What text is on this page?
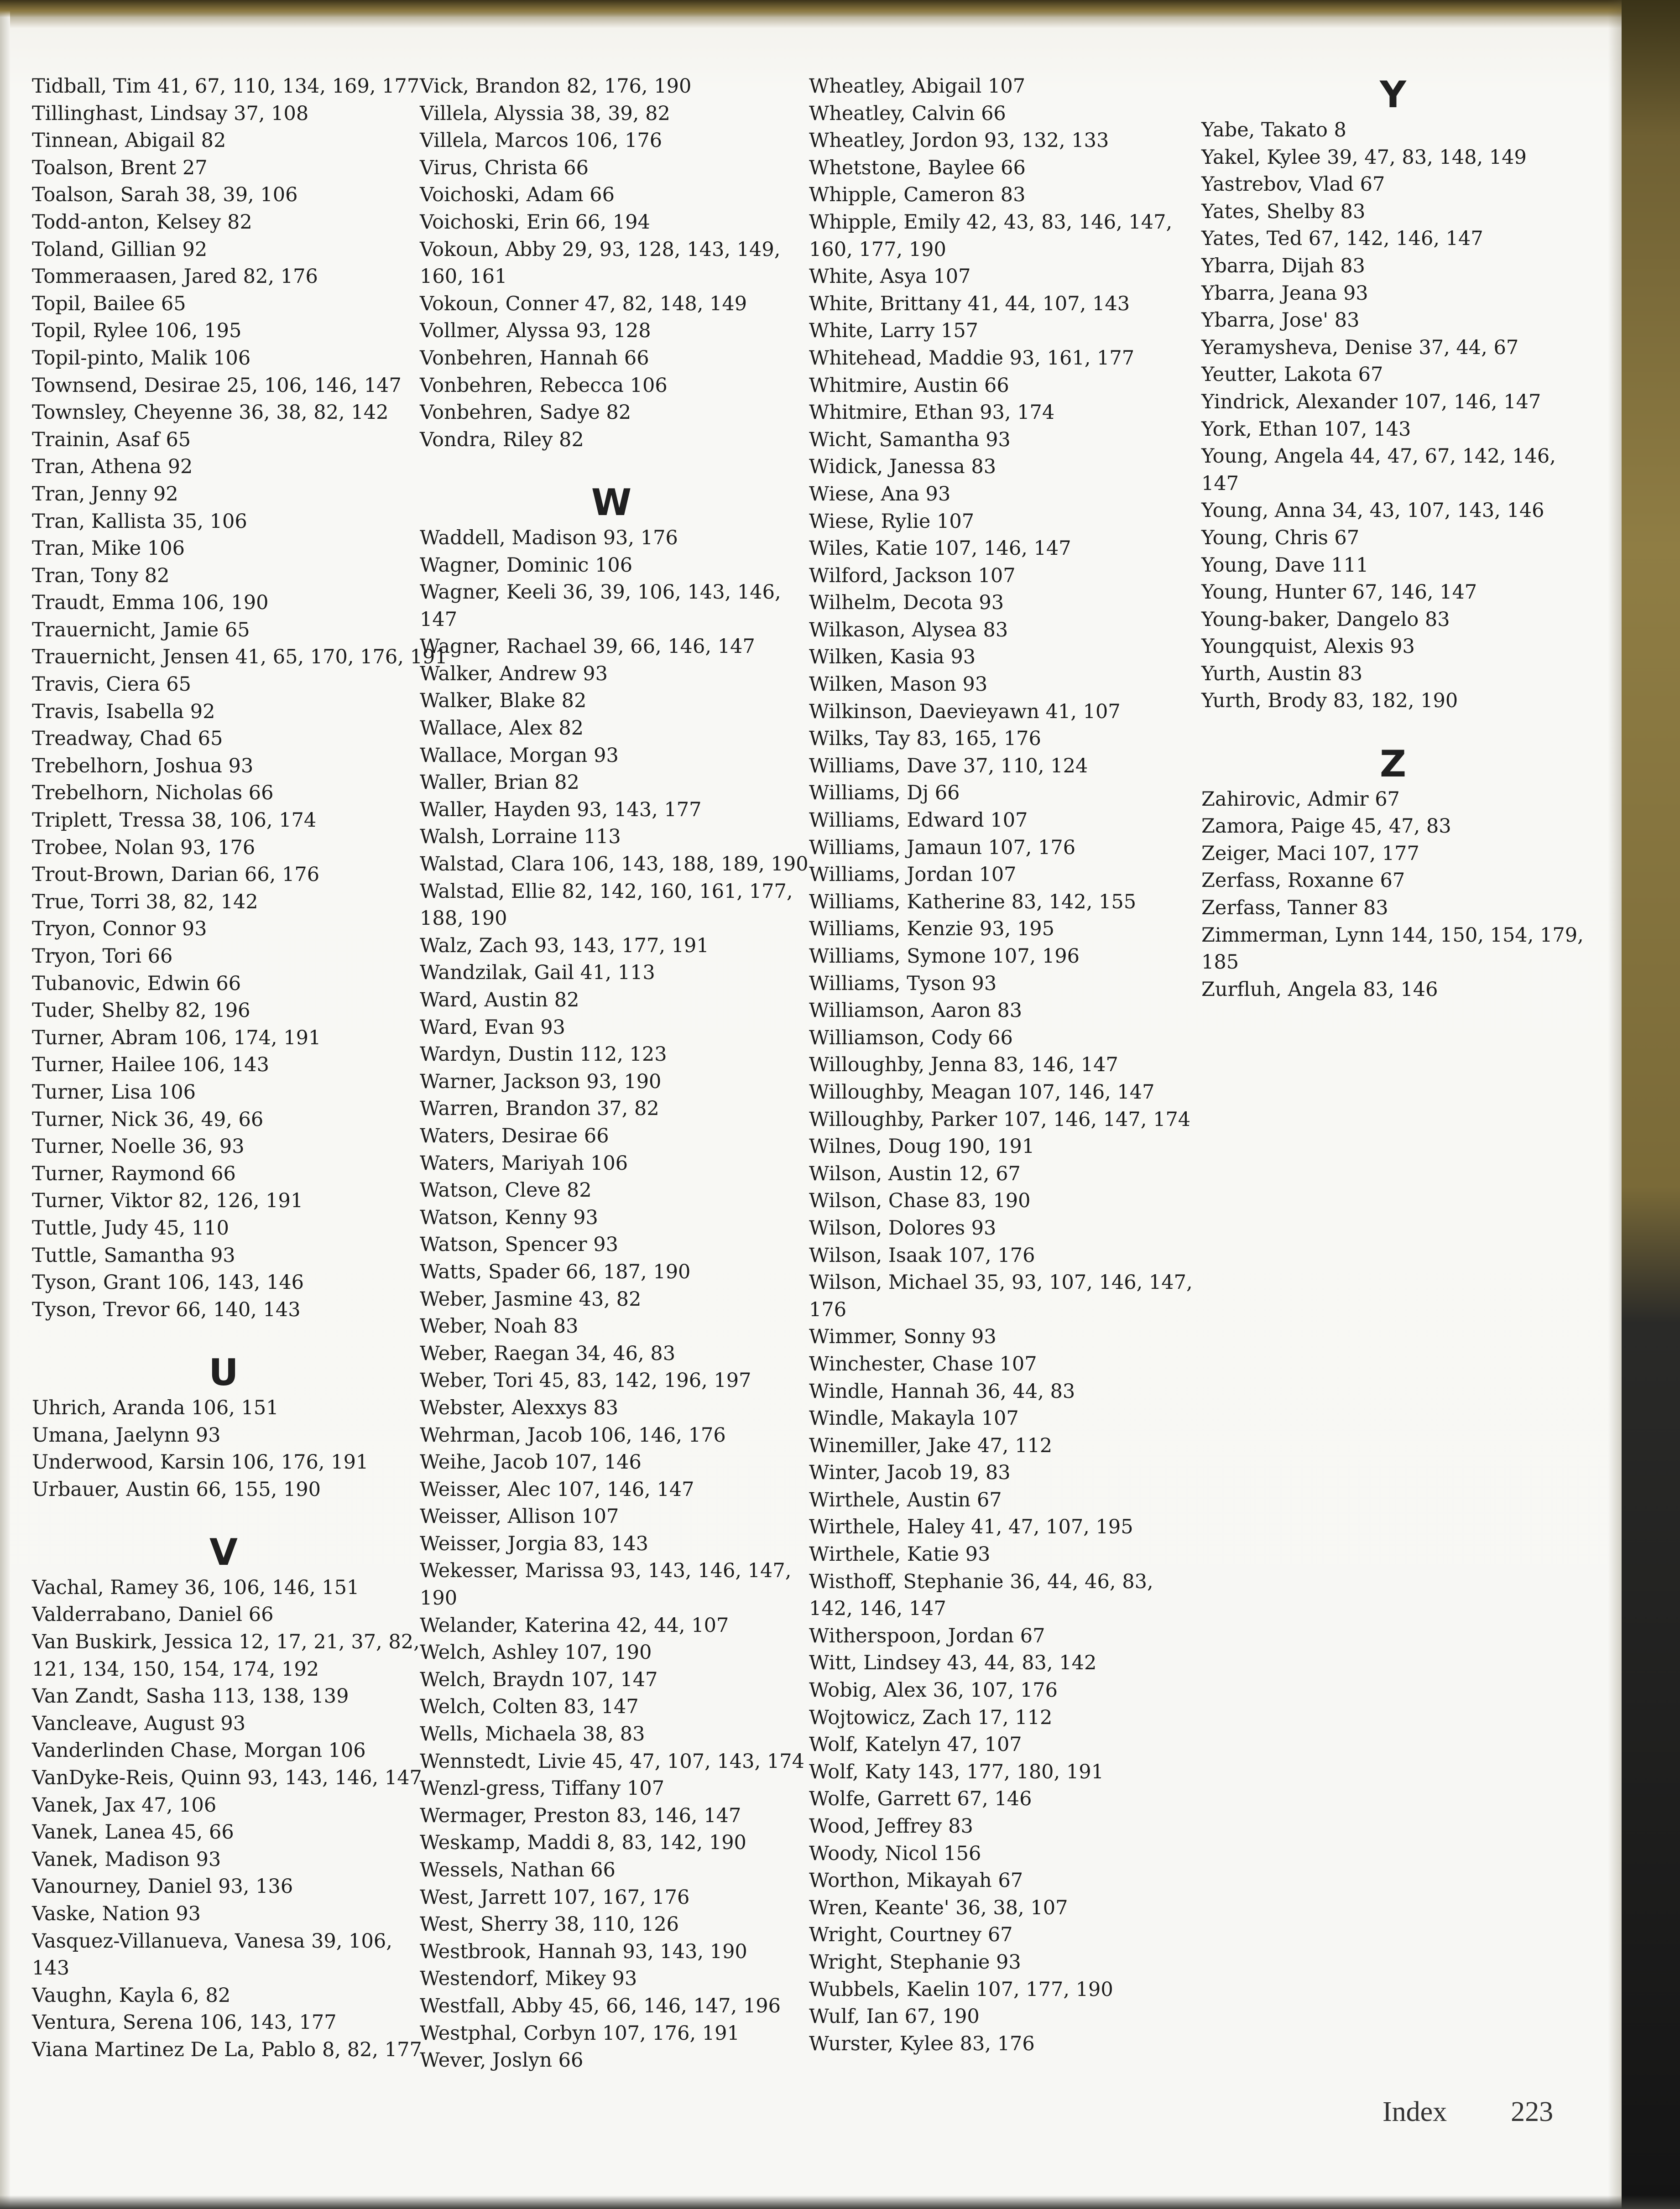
Tidball, Tim 41, 67, 110, 134, 169, 177
Tillinghast, Lindsay 37, 108
Tinnean, Abigail 82
Toalson, Brent 27
Toalson, Sarah 38, 39, 106
Todd-anton, Kelsey 82
Toland, Gillian 92
Tommeraasen, Jared 82, 176
Topil, Bailee 65
Topil, Rylee 106, 195
Topil-pinto, Malik 106
Townsend, Desirae 25, 106, 146, 147
Townsley, Cheyenne 36, 38, 82, 142
Trainin, Asaf 65
Tran, Athena 92
Tran, Jenny 92
Tran, Kallista 35, 106
Tran, Mike 106
Tran, Tony 82
Traudt, Emma 106, 190
Trauernicht, Jamie 65
Trauernicht, Jensen 41, 65, 170, 176, 191
Travis, Ciera 65
Travis, Isabella 92
Treadway, Chad 65
Trebelhorn, Joshua 93
Trebelhorn, Nicholas 66
Triplett, Tressa 38, 106, 174
Trobee, Nolan 93, 176
Trout-Brown, Darian 66, 176
True, Torri 38, 82, 142
Tryon, Connor 93
Tryon, Tori 66
Tubanovic, Edwin 66
Tuder, Shelby 82, 196
Turner, Abram 106, 174, 191
Turner, Hailee 106, 143
Turner, Lisa 106
Turner, Nick 36, 49, 66
Turner, Noelle 36, 93
Turner, Raymond 66
Turner, Viktor 82, 126, 191
Tuttle, Judy 45, 110
Tuttle, Samantha 93
Tyson, Grant 106, 143, 146
Tyson, Trevor 66, 140, 143

U
Uhrich, Aranda 106, 151
Umana, Jaelynn 93
Underwood, Karsin 106, 176, 191
Urbauer, Austin 66, 155, 190

V
Vachal, Ramey 36, 106, 146, 151
Valderrabano, Daniel 66
Van Buskirk, Jessica 12, 17, 21, 37, 82,
121, 134, 150, 154, 174, 192
Van Zandt, Sasha 113, 138, 139
Vancleave, August 93
Vanderlinden Chase, Morgan 106
VanDyke-Reis, Quinn 93, 143, 146, 147
Vanek, Jax 47, 106
Vanek, Lanea 45, 66
Vanek, Madison 93
Vanourney, Daniel 93, 136
Vaske, Nation 93
Vasquez-Villanueva, Vanesa 39, 106,
143
Vaughn, Kayla 6, 82
Ventura, Serena 106, 143, 177
Viana Martinez De La, Pablo 8, 82, 177
Vick, Brandon 82, 176, 190
Villela, Alyssia 38, 39, 82
Villela, Marcos 106, 176
Virus, Christa 66
Voichoski, Adam 66
Voichoski, Erin 66, 194
Vokoun, Abby 29, 93, 128, 143, 149,
160, 161
Vokoun, Conner 47, 82, 148, 149
Vollmer, Alyssa 93, 128
Vonbehren, Hannah 66
Vonbehren, Rebecca 106
Vonbehren, Sadye 82
Vondra, Riley 82

W
Waddell, Madison 93, 176
Wagner, Dominic 106
Wagner, Keeli 36, 39, 106, 143, 146,
147
Wagner, Rachael 39, 66, 146, 147
Walker, Andrew 93
Walker, Blake 82
Wallace, Alex 82
Wallace, Morgan 93
Waller, Brian 82
Waller, Hayden 93, 143, 177
Walsh, Lorraine 113
Walstad, Clara 106, 143, 188, 189, 190
Walstad, Ellie 82, 142, 160, 161, 177,
188, 190
Walz, Zach 93, 143, 177, 191
Wandzilak, Gail 41, 113
Ward, Austin 82
Ward, Evan 93
Wardyn, Dustin 112, 123
Warner, Jackson 93, 190
Warren, Brandon 37, 82
Waters, Desirae 66
Waters, Mariyah 106
Watson, Cleve 82
Watson, Kenny 93
Watson, Spencer 93
Watts, Spader 66, 187, 190
Weber, Jasmine 43, 82
Weber, Noah 83
Weber, Raegan 34, 46, 83
Weber, Tori 45, 83, 142, 196, 197
Webster, Alexxys 83
Wehrman, Jacob 106, 146, 176
Weihe, Jacob 107, 146
Weisser, Alec 107, 146, 147
Weisser, Allison 107
Weisser, Jorgia 83, 143
Wekesser, Marissa 93, 143, 146, 147,
190
Welander, Katerina 42, 44, 107
Welch, Ashley 107, 190
Welch, Braydn 107, 147
Welch, Colten 83, 147
Wells, Michaela 38, 83
Wennstedt, Livie 45, 47, 107, 143, 174
Wenzl-gress, Tiffany 107
Wermager, Preston 83, 146, 147
Weskamp, Maddi 8, 83, 142, 190
Wessels, Nathan 66
West, Jarrett 107, 167, 176
West, Sherry 38, 110, 126
Westbrook, Hannah 93, 143, 190
Westendorf, Mikey 93
Westfall, Abby 45, 66, 146, 147, 196
Westphal, Corbyn 107, 176, 191
Wever, Joslyn 66
Wheatley, Abigail 107
Wheatley, Calvin 66
Wheatley, Jordon 93, 132, 133
Whetstone, Baylee 66
Whipple, Cameron 83
Whipple, Emily 42, 43, 83, 146, 147,
160, 177, 190
White, Asya 107
White, Brittany 41, 44, 107, 143
White, Larry 157
Whitehead, Maddie 93, 161, 177
Whitmire, Austin 66
Whitmire, Ethan 93, 174
Wicht, Samantha 93
Widick, Janessa 83
Wiese, Ana 93
Wiese, Rylie 107
Wiles, Katie 107, 146, 147
Wilford, Jackson 107
Wilhelm, Decota 93
Wilkason, Alysea 83
Wilken, Kasia 93
Wilken, Mason 93
Wilkinson, Daevieyawn 41, 107
Wilks, Tay 83, 165, 176
Williams, Dave 37, 110, 124
Williams, Dj 66
Williams, Edward 107
Williams, Jamaun 107, 176
Williams, Jordan 107
Williams, Katherine 83, 142, 155
Williams, Kenzie 93, 195
Williams, Symone 107, 196
Williams, Tyson 93
Williamson, Aaron 83
Williamson, Cody 66
Willoughby, Jenna 83, 146, 147
Willoughby, Meagan 107, 146, 147
Willoughby, Parker 107, 146, 147, 174
Wilnes, Doug 190, 191
Wilson, Austin 12, 67
Wilson, Chase 83, 190
Wilson, Dolores 93
Wilson, Isaak 107, 176
Wilson, Michael 35, 93, 107, 146, 147,
176
Wimmer, Sonny 93
Winchester, Chase 107
Windle, Hannah 36, 44, 83
Windle, Makayla 107
Winemiller, Jake 47, 112
Winter, Jacob 19, 83
Wirthele, Austin 67
Wirthele, Haley 41, 47, 107, 195
Wirthele, Katie 93
Wisthoff, Stephanie 36, 44, 46, 83,
142, 146, 147
Witherspoon, Jordan 67
Witt, Lindsey 43, 44, 83, 142
Wobig, Alex 36, 107, 176
Wojtowicz, Zach 17, 112
Wolf, Katelyn 47, 107
Wolf, Katy 143, 177, 180, 191
Wolfe, Garrett 67, 146
Wood, Jeffrey 83
Woody, Nicol 156
Worthon, Mikayah 67
Wren, Keante' 36, 38, 107
Wright, Courtney 67
Wright, Stephanie 93
Wubbels, Kaelin 107, 177, 190
Wulf, Ian 67, 190
Wurster, Kylee 83, 176
Y
Yabe, Takato 8
Yakel, Kylee 39, 47, 83, 148, 149
Yastrebov, Vlad 67
Yates, Shelby 83
Yates, Ted 67, 142, 146, 147
Ybarra, Dijah 83
Ybarra, Jeana 93
Ybarra, Jose' 83
Yeramysheva, Denise 37, 44, 67
Yeutter, Lakota 67
Yindrick, Alexander 107, 146, 147
York, Ethan 107, 143
Young, Angela 44, 47, 67, 142, 146,
147
Young, Anna 34, 43, 107, 143, 146
Young, Chris 67
Young, Dave 111
Young, Hunter 67, 146, 147
Young-baker, Dangelo 83
Youngquist, Alexis 93
Yurth, Austin 83
Yurth, Brody 83, 182, 190

Z
Zahirovic, Admir 67
Zamora, Paige 45, 47, 83
Zeiger, Maci 107, 177
Zerfass, Roxanne 67
Zerfass, Tanner 83
Zimmerman, Lynn 144, 150, 154, 179,
185
Zurfluh, Angela 83, 146
Index 223
